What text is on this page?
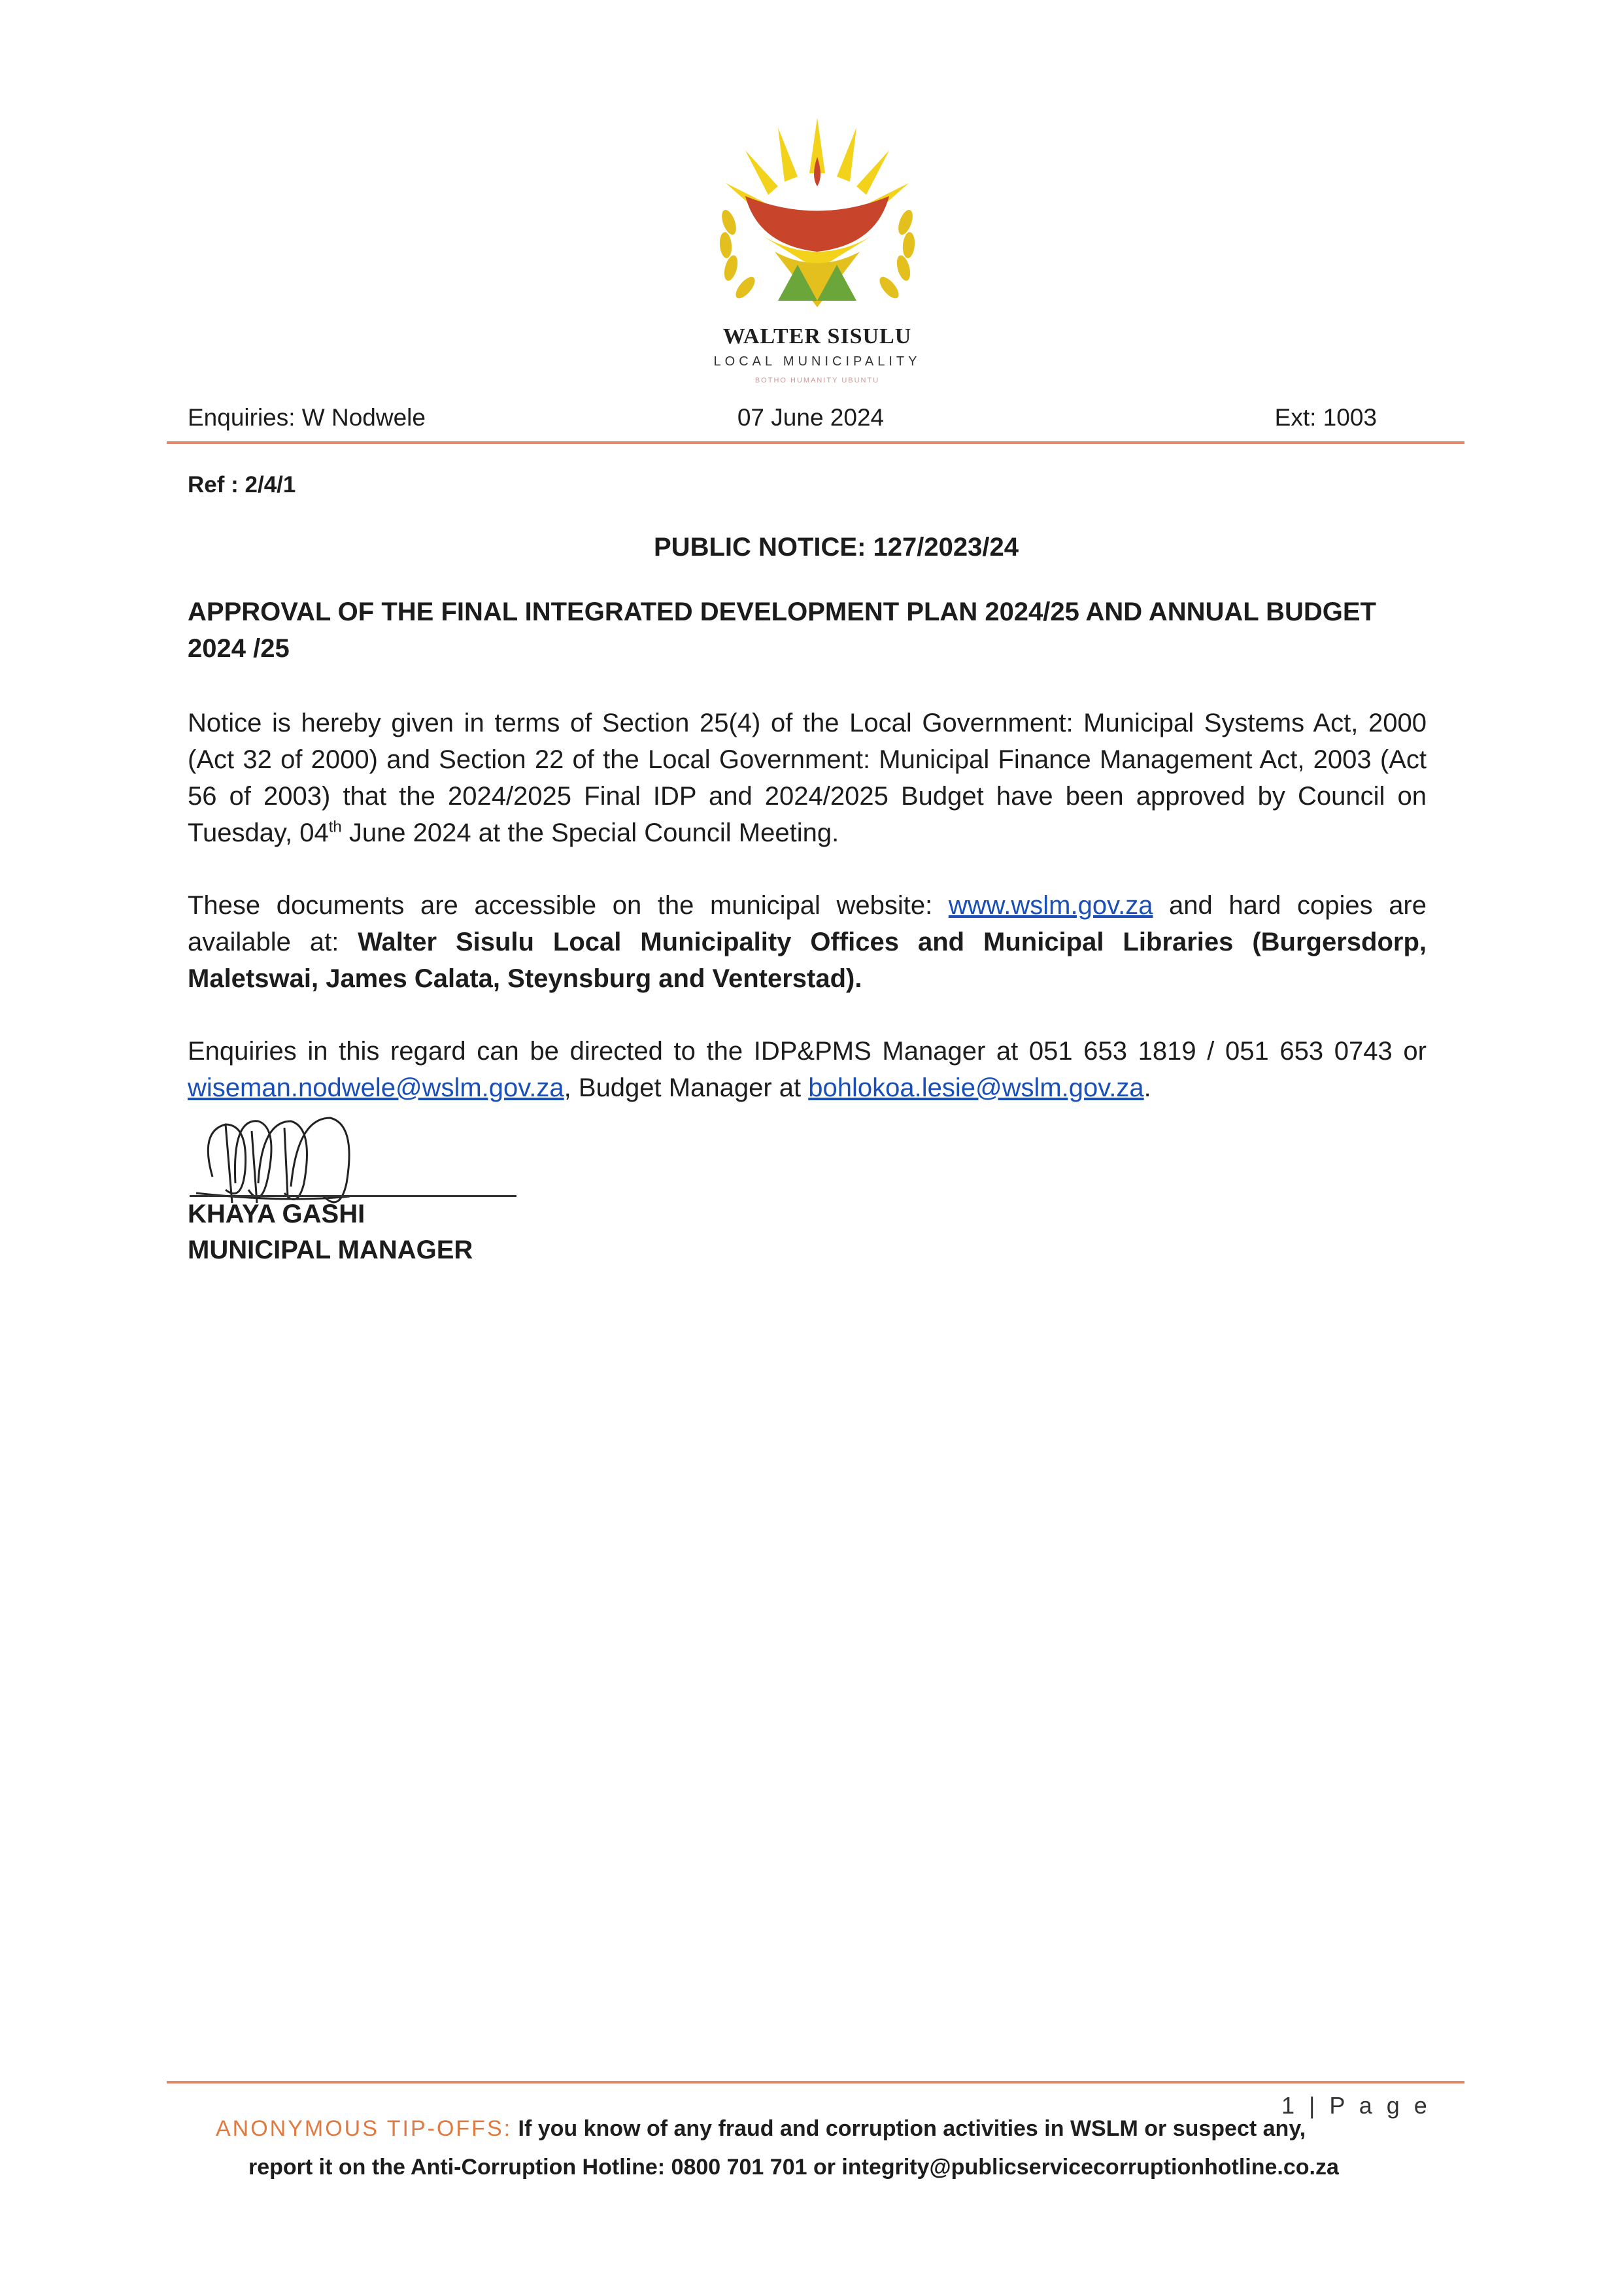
WALTER SISULU
LOCAL MUNICIPALITY
BOTHO HUMANITY UBUNTU
Enquiries: W Nodwele	07 June 2024	Ext: 1003
Ref : 2/4/1
PUBLIC NOTICE: 127/2023/24
APPROVAL OF THE FINAL INTEGRATED DEVELOPMENT PLAN 2024/25 AND ANNUAL BUDGET 2024 /25
Notice is hereby given in terms of Section 25(4) of the Local Government: Municipal Systems Act, 2000 (Act 32 of 2000) and Section 22 of the Local Government: Municipal Finance Management Act, 2003 (Act 56 of 2003) that the 2024/2025 Final IDP and 2024/2025 Budget have been approved by Council on Tuesday, 04th June 2024 at the Special Council Meeting.
These documents are accessible on the municipal website: www.wslm.gov.za and hard copies are available at: Walter Sisulu Local Municipality Offices and Municipal Libraries (Burgersdorp, Maletswai, James Calata, Steynsburg and Venterstad).
Enquiries in this regard can be directed to the IDP&PMS Manager at 051 653 1819 / 051 653 0743 or wiseman.nodwele@wslm.gov.za, Budget Manager at bohlokoa.lesie@wslm.gov.za.
KHAYA GASHI
MUNICIPAL MANAGER
1 | P a g e
ANONYMOUS TIP-OFFS: If you know of any fraud and corruption activities in WSLM or suspect any,
report it on the Anti-Corruption Hotline: 0800 701 701 or integrity@publicservicecorruptionhotline.co.za
